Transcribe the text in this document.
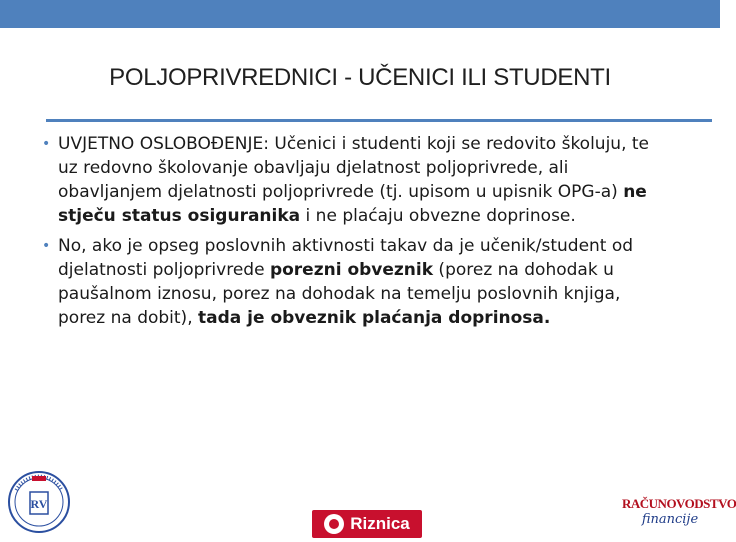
POLJOPRIVREDNICI - UČENICI ILI STUDENTI
• UVJETNO OSLOBOĐENJE: Učenici i studenti koji se redovito školuju, te uz redovno školovanje obavljaju djelatnost poljoprivrede, ali obavljanjem djelatnosti poljoprivrede (tj. upisom u upisnik OPG-a) ne stječu status osiguranika i ne plaćaju obvezne doprinose.
• No, ako je opseg poslovnih aktivnosti takav da je učenik/student od djelatnosti poljoprivrede porezni obveznik (porez na dohodak u paušalnom iznosu, porez na dohodak na temelju poslovnih knjiga, porez na dobit), tada je obveznik plaćanja doprinosa.
RV
Riznica
RAČUNOVODSTVO
financije
